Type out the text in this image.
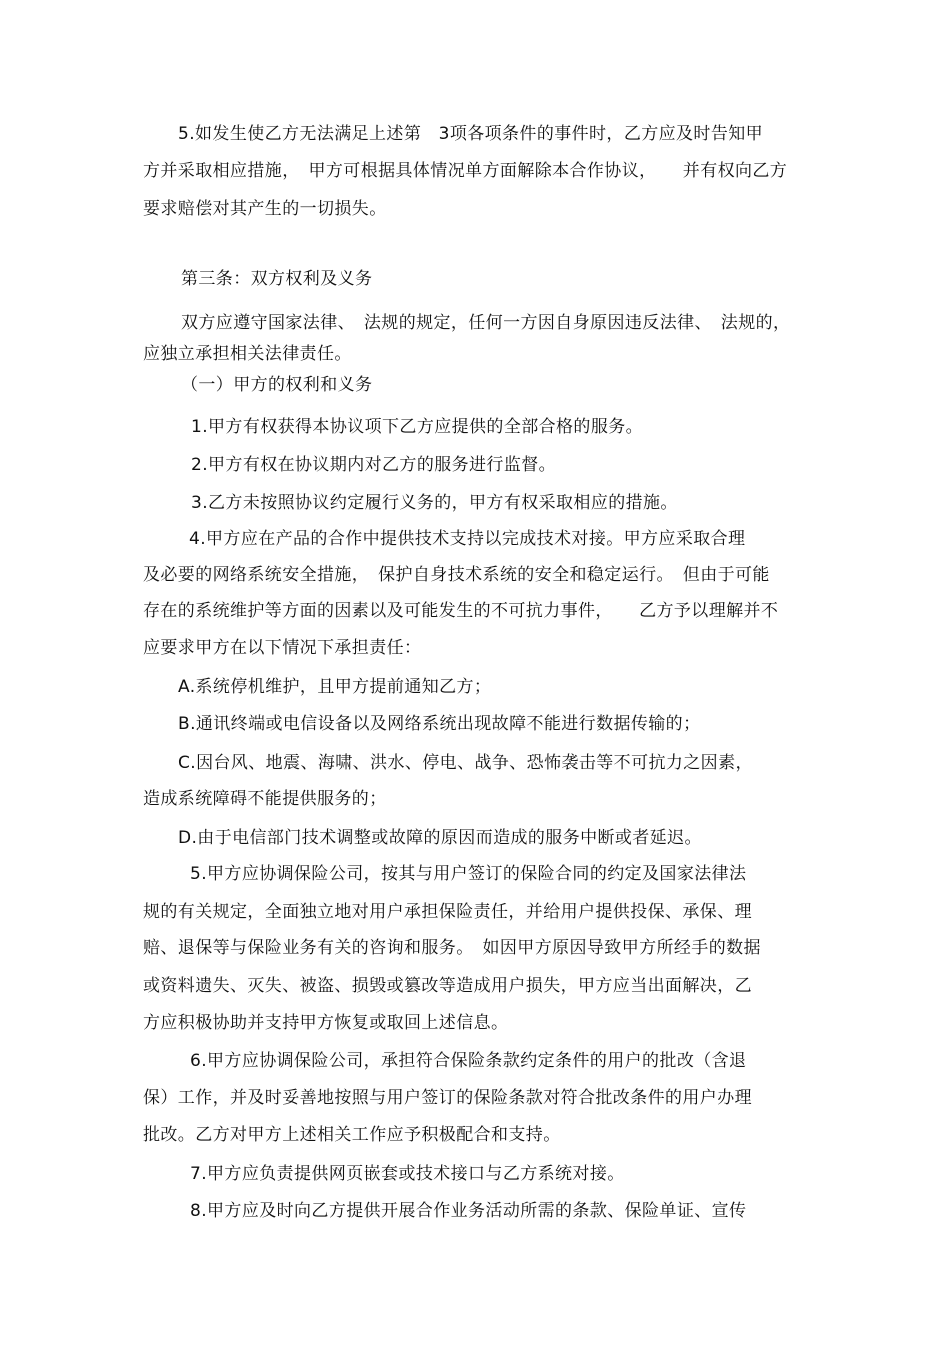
5.如发生使乙方无法满足上述第　3项各项条件的事件时，乙方应及时告知甲
方并采取相应措施，　甲方可根据具体情况单方面解除本合作协议，　　并有权向乙方
要求赔偿对其产生的一切损失。
第三条：双方权利及义务
双方应遵守国家法律、　法规的规定，任何一方因自身原因违反法律、　法规的，
应独立承担相关法律责任。
（一）甲方的权利和义务
1.甲方有权获得本协议项下乙方应提供的全部合格的服务。
2.甲方有权在协议期内对乙方的服务进行监督。
3.乙方未按照协议约定履行义务的，甲方有权采取相应的措施。
4.甲方应在产品的合作中提供技术支持以完成技术对接。甲方应采取合理
及必要的网络系统安全措施，　保护自身技术系统的安全和稳定运行。　但由于可能
存在的系统维护等方面的因素以及可能发生的不可抗力事件，　　乙方予以理解并不
应要求甲方在以下情况下承担责任：
A.系统停机维护，且甲方提前通知乙方；
B.通讯终端或电信设备以及网络系统出现故障不能进行数据传输的；
C.因台风、地震、海啸、洪水、停电、战争、恐怖袭击等不可抗力之因素，
造成系统障碍不能提供服务的；
D.由于电信部门技术调整或故障的原因而造成的服务中断或者延迟。
5.甲方应协调保险公司，按其与用户签订的保险合同的约定及国家法律法
规的有关规定，全面独立地对用户承担保险责任，并给用户提供投保、承保、理
赔、退保等与保险业务有关的咨询和服务。　如因甲方原因导致甲方所经手的数据
或资料遗失、灭失、被盗、损毁或篡改等造成用户损失，甲方应当出面解决，乙
方应积极协助并支持甲方恢复或取回上述信息。
6.甲方应协调保险公司，承担符合保险条款约定条件的用户的批改（含退
保）工作，并及时妥善地按照与用户签订的保险条款对符合批改条件的用户办理
批改。乙方对甲方上述相关工作应予积极配合和支持。
7.甲方应负责提供网页嵌套或技术接口与乙方系统对接。
8.甲方应及时向乙方提供开展合作业务活动所需的条款、保险单证、宣传
